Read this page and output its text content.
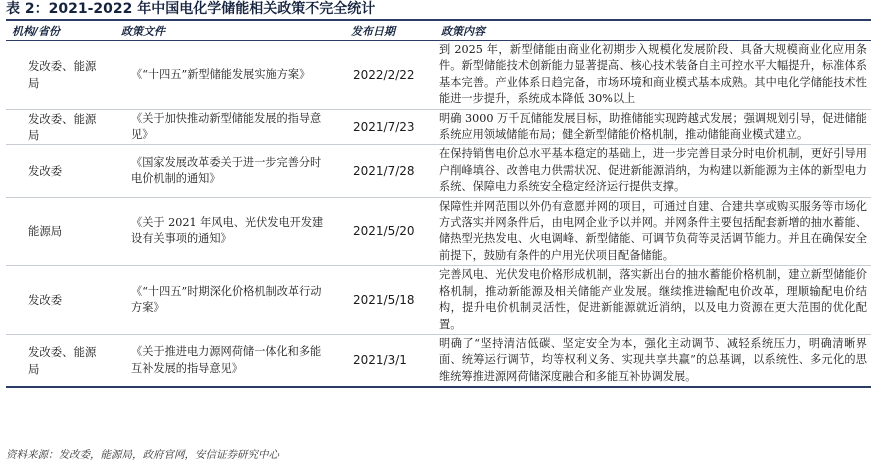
表 2：2021-2022 年中国电化学储能相关政策不完全统计
机构/省份	政策文件	发布日期	政策内容
发改委、能源局	《“十四五”新型储能发展实施方案》	2022/2/22	到 2025 年，新型储能由商业化初期步入规模化发展阶段、具备大规模商业化应用条件。新型储能技术创新能力显著提高、核心技术装备自主可控水平大幅提升，标准体系基本完善。产业体系日趋完备，市场环境和商业模式基本成熟。其中电化学储能技术性能进一步提升，系统成本降低 30%以上
发改委、能源局	《关于加快推动新型储能发展的指导意见》	2021/7/23	明确 3000 万千瓦储能发展目标，助推储能实现跨越式发展；强调规划引导，促进储能系统应用领域储能布局；健全新型储能价格机制，推动储能商业模式建立。
发改委	《国家发展改革委关于进一步完善分时电价机制的通知》	2021/7/28	在保持销售电价总水平基本稳定的基础上，进一步完善目录分时电价机制，更好引导用户削峰填谷、改善电力供需状况、促进新能源消纳，为构建以新能源为主体的新型电力系统、保障电力系统安全稳定经济运行提供支撑。
能源局	《关于 2021 年风电、光伏发电开发建设有关事项的通知》	2021/5/20	保障性并网范围以外仍有意愿并网的项目，可通过自建、合建共享或购买服务等市场化方式落实并网条件后，由电网企业予以并网。并网条件主要包括配套新增的抽水蓄能、储热型光热发电、火电调峰、新型储能、可调节负荷等灵活调节能力。并且在确保安全前提下，鼓励有条件的户用光伏项目配备储能。
发改委	《“十四五”时期深化价格机制改革行动方案》	2021/5/18	完善风电、光伏发电价格形成机制，落实新出台的抽水蓄能价格机制，建立新型储能价格机制，推动新能源及相关储能产业发展。继续推进输配电价改革，理顺输配电价结构，提升电价机制灵活性，促进新能源就近消纳，以及电力资源在更大范围的优化配置。
发改委、能源局	《关于推进电力源网荷储一体化和多能互补发展的指导意见》	2021/3/1	明确了“坚持清洁低碳、坚定安全为本，强化主动调节、减轻系统压力，明确清晰界面、统筹运行调节，均等权利义务、实现共享共赢”的总基调，以系统性、多元化的思维统筹推进源网荷储深度融合和多能互补协调发展。
资料来源：发改委，能源局，政府官网，安信证券研究中心
